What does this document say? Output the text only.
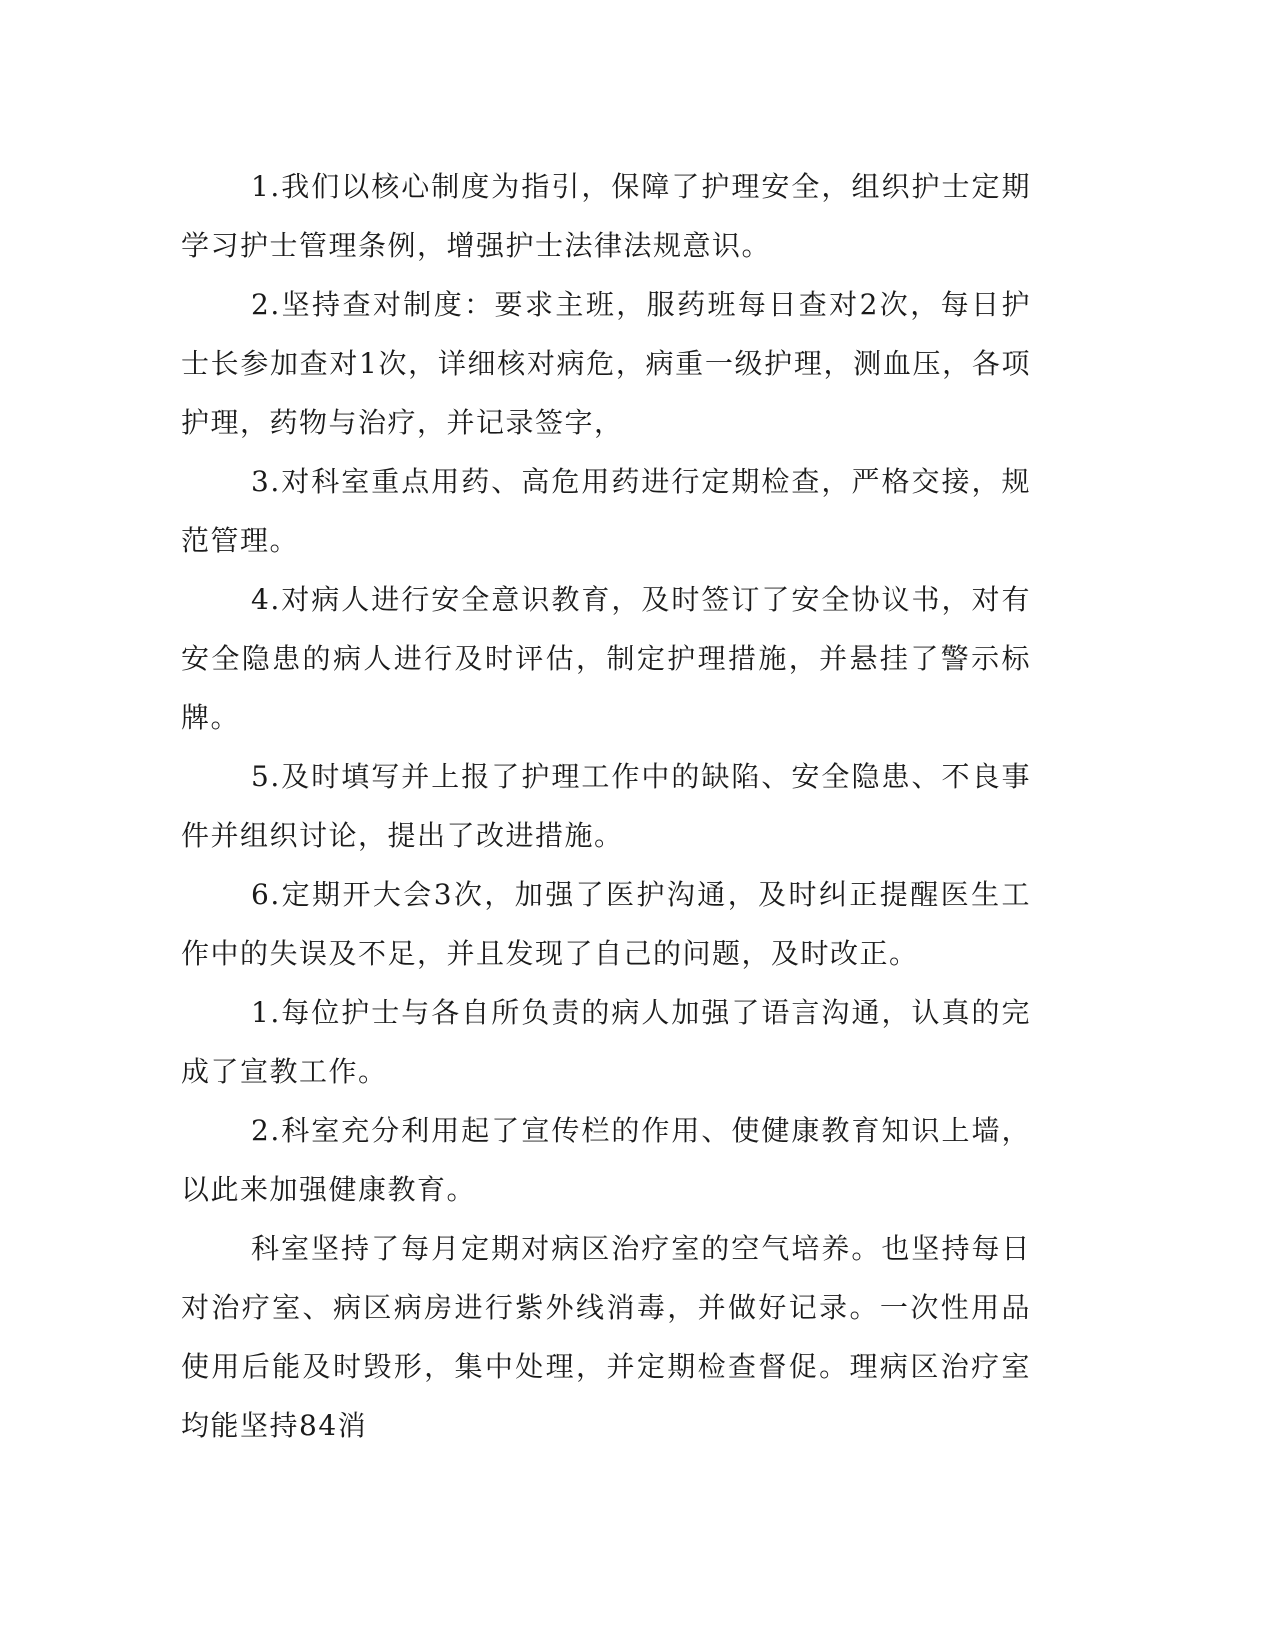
1.我们以核心制度为指引，保障了护理安全，组织护士定期学习护士管理条例，增强护士法律法规意识。

2.坚持查对制度：要求主班，服药班每日查对2次，每日护士长参加查对1次，详细核对病危，病重一级护理，测血压，各项护理，药物与治疗，并记录签字，

3.对科室重点用药、高危用药进行定期检查，严格交接，规范管理。

4.对病人进行安全意识教育，及时签订了安全协议书，对有安全隐患的病人进行及时评估，制定护理措施，并悬挂了警示标牌。

5.及时填写并上报了护理工作中的缺陷、安全隐患、不良事件并组织讨论，提出了改进措施。

6.定期开大会3次，加强了医护沟通，及时纠正提醒医生工作中的失误及不足，并且发现了自己的问题，及时改正。

1.每位护士与各自所负责的病人加强了语言沟通，认真的完成了宣教工作。

2.科室充分利用起了宣传栏的作用、使健康教育知识上墙，以此来加强健康教育。

科室坚持了每月定期对病区治疗室的空气培养。也坚持每日对治疗室、病区病房进行紫外线消毒，并做好记录。一次性用品使用后能及时毁形，集中处理，并定期检查督促。理病区治疗室均能坚持84消
